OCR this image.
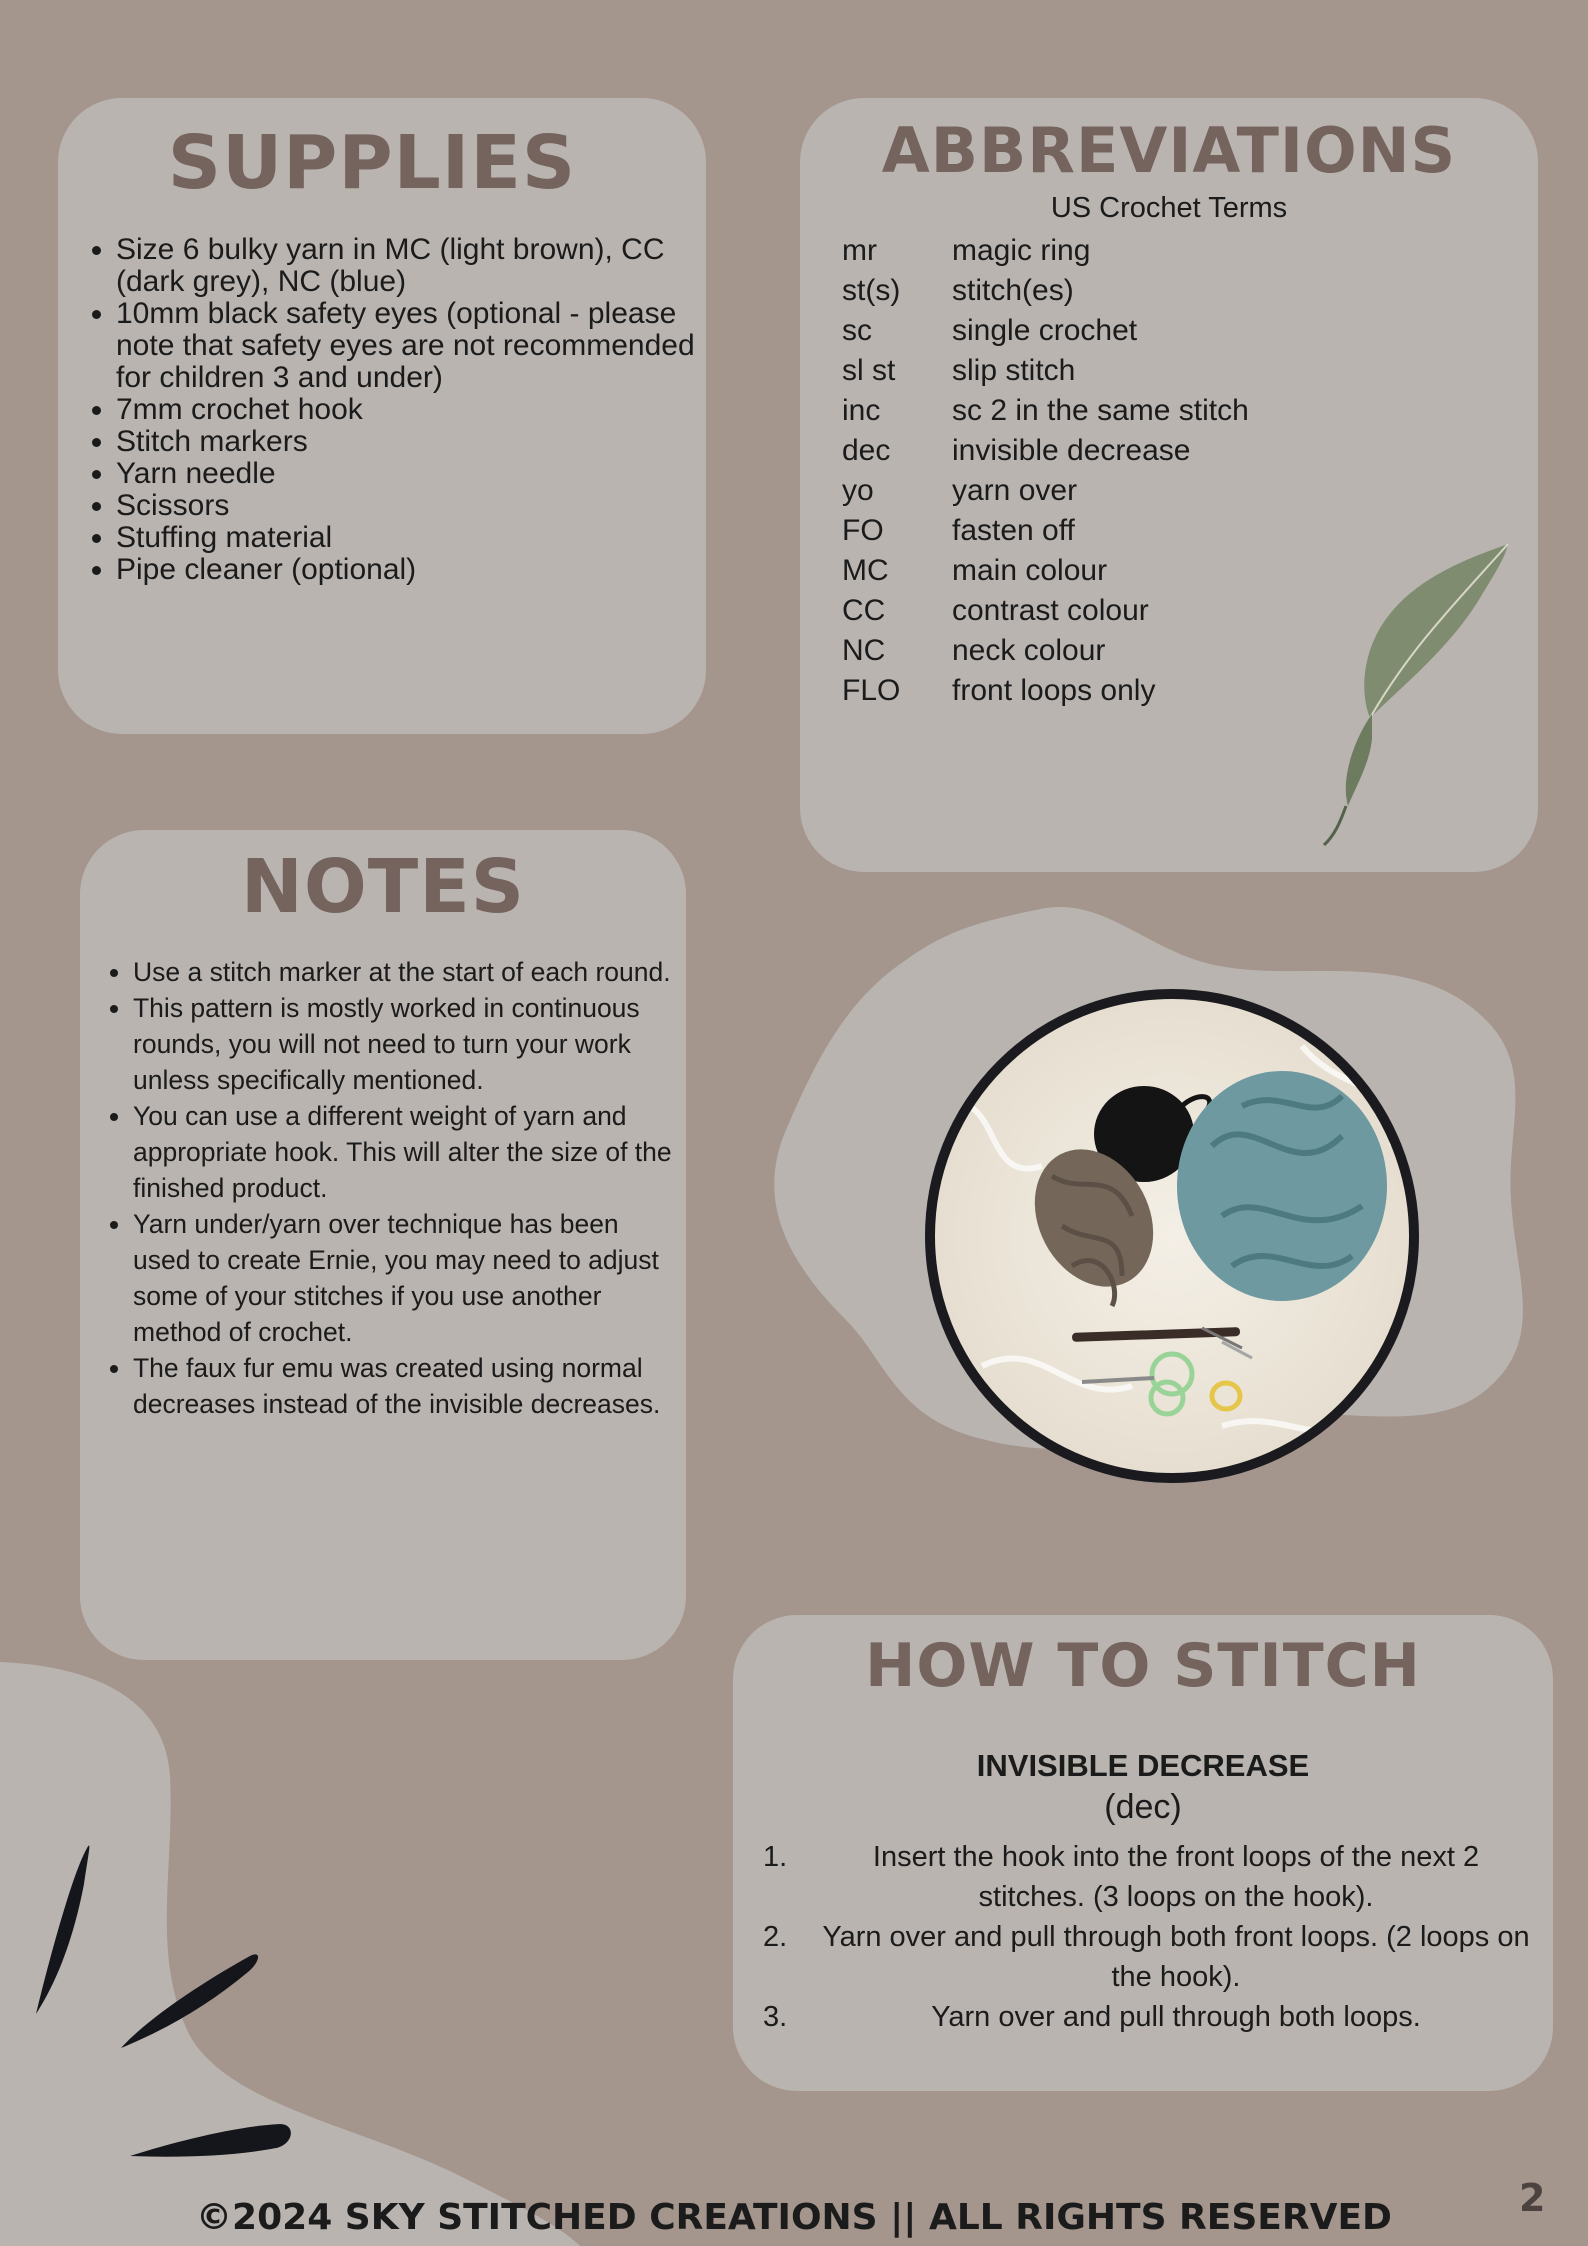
SUPPLIES
• Size 6 bulky yarn in MC (light brown), CC (dark grey), NC (blue)
• 10mm black safety eyes (optional - please note that safety eyes are not recommended for children 3 and under)
• 7mm crochet hook
• Stitch markers
• Yarn needle
• Scissors
• Stuffing material
• Pipe cleaner (optional)
ABBREVIATIONS
US Crochet Terms
mr	magic ring
st(s)	stitch(es)
sc	single crochet
sl st	slip stitch
inc	sc 2 in the same stitch
dec	invisible decrease
yo	yarn over
FO	fasten off
MC	main colour
CC	contrast colour
NC	neck colour
FLO	front loops only
NOTES
• Use a stitch marker at the start of each round.
• This pattern is mostly worked in continuous rounds, you will not need to turn your work unless specifically mentioned.
• You can use a different weight of yarn and appropriate hook. This will alter the size of the finished product.
• Yarn under/yarn over technique has been used to create Ernie, you may need to adjust some of your stitches if you use another method of crochet.
• The faux fur emu was created using normal decreases instead of the invisible decreases.
HOW TO STITCH
INVISIBLE DECREASE
(dec)
1.	Insert the hook into the front loops of the next 2 stitches. (3 loops on the hook).
2.	Yarn over and pull through both front loops. (2 loops on the hook).
3.	Yarn over and pull through both loops.
©2024 SKY STITCHED CREATIONS || ALL RIGHTS RESERVED	2
